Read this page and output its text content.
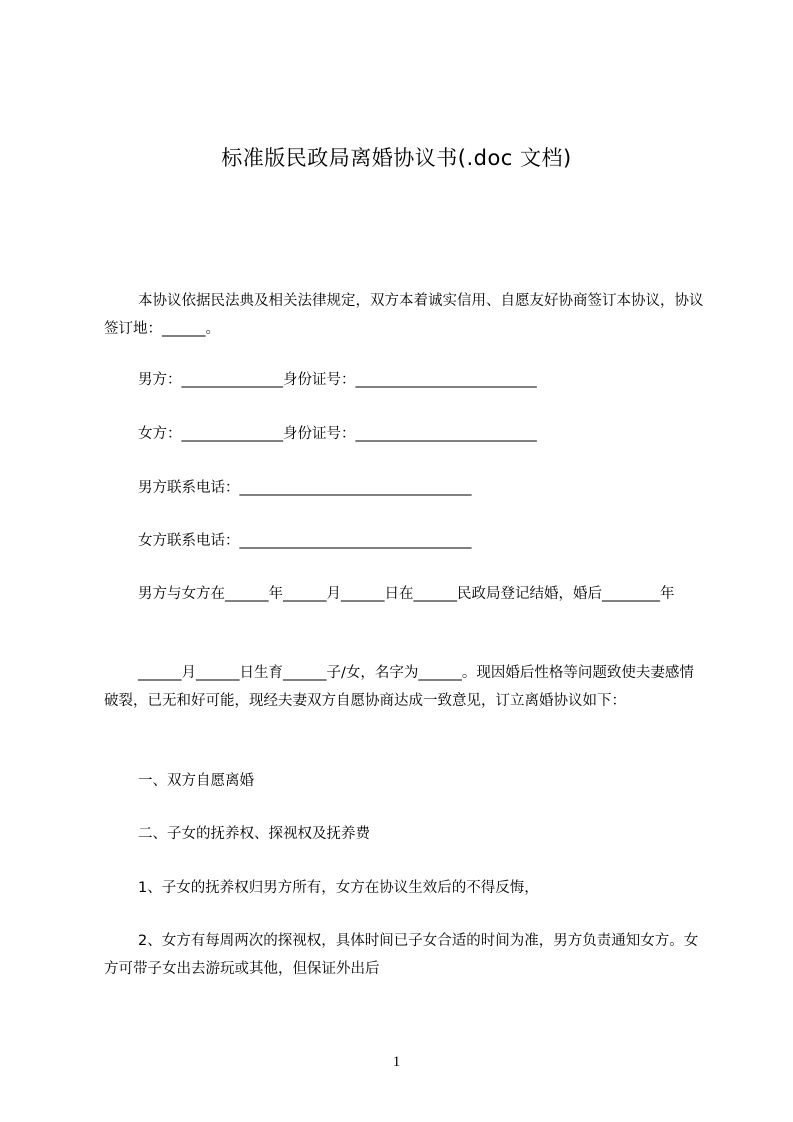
标准版民政局离婚协议书(.doc 文档)

本协议依据民法典及相关法律规定，双方本着诚实信用、自愿友好协商签订本协议，协议签订地：______。

男方：______________身份证号：_________________________

女方：______________身份证号：_________________________

男方联系电话：________________________________

女方联系电话：________________________________

男方与女方在______年______月______日在______民政局登记结婚，婚后________年

______月______日生育______子/女，名字为______。现因婚后性格等问题致使夫妻感情破裂，已无和好可能，现经夫妻双方自愿协商达成一致意见，订立离婚协议如下：

一、双方自愿离婚

二、子女的抚养权、探视权及抚养费

1、子女的抚养权归男方所有，女方在协议生效后的不得反悔，

2、女方有每周两次的探视权，具体时间已子女合适的时间为准，男方负责通知女方。女方可带子女出去游玩或其他，但保证外出后

1
